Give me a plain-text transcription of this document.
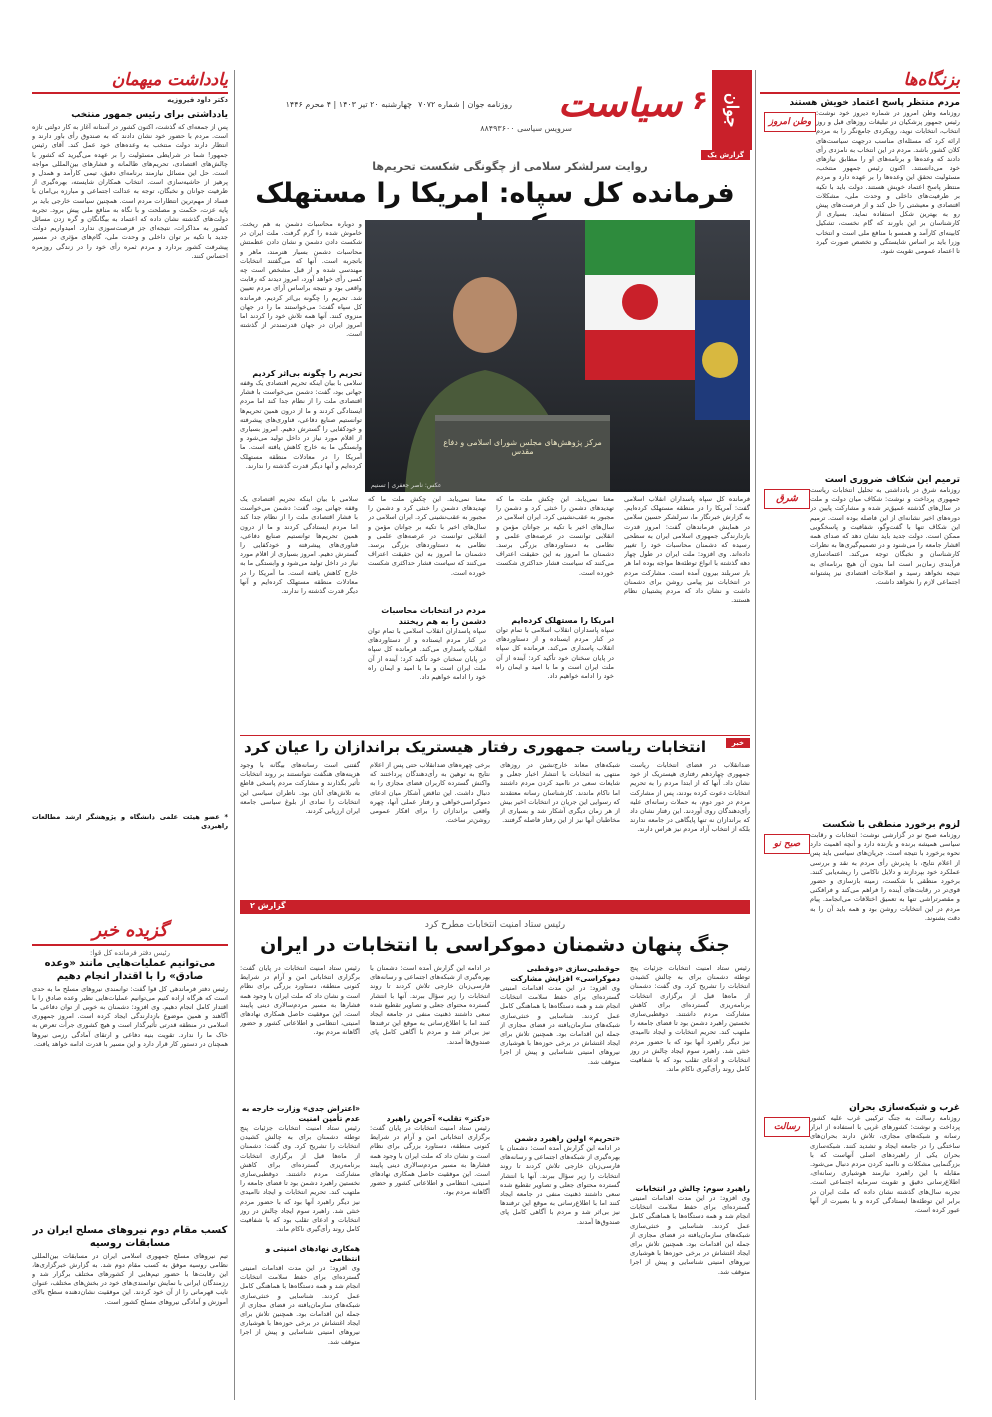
جوان
۶
سیاست
روزنامه جوان | شماره ۷۰۷۲
چهارشنبه ۲۰ تیر ۱۴۰۳ | ۴ محرم ۱۴۴۶
سرویس سیاسی ۸۸۴۹۳۶۰۰
بزنگاه‌ها
مردم منتظر پاسخ اعتماد خویش هستند
وطن امروز
روزنامه وطن امروز در شماره دیروز خود نوشت: رئیس جمهور پزشکیان در تبلیغات روزهای قبل و روز انتخاب، انتخابات نوید، رویکردی جامع‌نگر را به مردم ارائه کرد که مسئله‌ای مناسب درجهت سیاست‌های کلان کشور باشد. مردم در این انتخاب به نامزدی رأی دادند که وعده‌ها و برنامه‌های او را مطابق نیازهای خود می‌دانستند. اکنون رئیس جمهور منتخب، مسئولیت تحقق این وعده‌ها را بر عهده دارد و مردم منتظر پاسخ اعتماد خویش هستند. دولت باید با تکیه بر ظرفیت‌های داخلی و وحدت ملی، مشکلات اقتصادی و معیشتی را حل کند و از فرصت‌های پیش رو به بهترین شکل استفاده نماید. بسیاری از کارشناسان بر این باورند که گام نخست، تشکیل کابینه‌ای کارآمد و همسو با منافع ملی است و انتخاب وزرا باید بر اساس شایستگی و تخصص صورت گیرد تا اعتماد عمومی تقویت شود.
ترمیم این شکاف ضروری است
شرق
روزنامه شرق در یادداشتی به تحلیل انتخابات ریاست جمهوری پرداخت و نوشت: شکاف میان دولت و ملت در سال‌های گذشته عمیق‌تر شده و مشارکت پایین در دوره‌های اخیر نشانه‌ای از این فاصله بوده است. ترمیم این شکاف تنها با گفت‌وگو، شفافیت و پاسخگویی ممکن است. دولت جدید باید نشان دهد که صدای همه اقشار جامعه را می‌شنود و در تصمیم‌گیری‌ها به نظرات کارشناسان و نخبگان توجه می‌کند. اعتمادسازی فرآیندی زمان‌بر است اما بدون آن هیچ برنامه‌ای به نتیجه نخواهد رسید و اصلاحات اقتصادی نیز پشتوانه اجتماعی لازم را نخواهد داشت.
لزوم برخورد منطقی با شکست
صبح نو
روزنامه صبح نو در گزارشی نوشت: انتخابات و رقابت سیاسی همیشه برنده و بازنده دارد و آنچه اهمیت دارد نحوه برخورد با نتیجه است. جریان‌های سیاسی باید پس از اعلام نتایج، با پذیرش رأی مردم به نقد و بررسی عملکرد خود بپردازند و دلایل ناکامی را ریشه‌یابی کنند. برخورد منطقی با شکست، زمینه بازسازی و حضور قوی‌تر در رقابت‌های آینده را فراهم می‌کند و فرافکنی و مقصرتراشی تنها به تعمیق اختلافات می‌انجامد. پیام مردم در این انتخابات روشن بود و همه باید آن را به دقت بشنوند.
غرب و شبکه‌سازی بحران
رسالت
روزنامه رسالت به جنگ ترکیبی غرب علیه کشور پرداخت و نوشت: کشورهای غربی با استفاده از ابزار رسانه و شبکه‌های مجازی، تلاش دارند بحران‌های ساختگی را در جامعه ایجاد و تشدید کنند. شبکه‌سازی بحران یکی از راهبردهای اصلی آنهاست که با بزرگنمایی مشکلات و ناامید کردن مردم دنبال می‌شود. مقابله با این راهبرد نیازمند هوشیاری رسانه‌ای، اطلاع‌رسانی دقیق و تقویت سرمایه اجتماعی است. تجربه سال‌های گذشته نشان داده که ملت ایران در برابر این توطئه‌ها ایستادگی کرده و با بصیرت از آنها عبور کرده است.
یادداشت میهمان
دکتر داود فیروزیه
یادداشتی برای رئیس جمهور منتخب
پس از جمعه‌ای که گذشت، اکنون کشور در آستانه آغاز به کار دولتی تازه است. مردم با حضور خود نشان دادند که به صندوق رأی باور دارند و انتظار دارند دولت منتخب به وعده‌های خود عمل کند. آقای رئیس جمهور! شما در شرایطی مسئولیت را بر عهده می‌گیرید که کشور با چالش‌های اقتصادی، تحریم‌های ظالمانه و فشارهای بین‌المللی مواجه است. حل این مسائل نیازمند برنامه‌ای دقیق، تیمی کارآمد و همدل و پرهیز از حاشیه‌سازی است. انتخاب همکاران شایسته، بهره‌گیری از ظرفیت جوانان و نخبگان، توجه به عدالت اجتماعی و مبارزه بی‌امان با فساد از مهم‌ترین انتظارات مردم است. همچنین سیاست خارجی باید بر پایه عزت، حکمت و مصلحت و با نگاه به منافع ملی پیش برود. تجربه دولت‌های گذشته نشان داده که اعتماد به بیگانگان و گره زدن مسائل کشور به مذاکرات، نتیجه‌ای جز فرصت‌سوزی ندارد. امیدواریم دولت جدید با تکیه بر توان داخلی و وحدت ملی، گام‌های مؤثری در مسیر پیشرفت کشور بردارد و مردم ثمره رأی خود را در زندگی روزمره احساس کنند.
* عضو هیئت علمی دانشگاه و پژوهشگر ارشد مطالعات راهبردی
گزیده خبر
رئیس دفتر فرمانده کل قوا:
می‌توانیم عملیات‌هایی مانند «وعده صادق» را با اقتدار انجام دهیم
رئیس دفتر فرماندهی کل قوا گفت: توانمندی نیروهای مسلح ما به حدی است که هرگاه اراده کنیم می‌توانیم عملیات‌هایی نظیر وعده صادق را با اقتدار کامل انجام دهیم. وی افزود: دشمنان به خوبی از توان دفاعی ما آگاهند و همین موضوع بازدارندگی ایجاد کرده است. امروز جمهوری اسلامی در منطقه قدرتی تأثیرگذار است و هیچ کشوری جرأت تعرض به خاک ما را ندارد. تقویت بنیه دفاعی و ارتقای آمادگی رزمی نیروها همچنان در دستور کار قرار دارد و این مسیر با قدرت ادامه خواهد یافت.
کسب مقام دوم نیروهای مسلح ایران در مسابقات روسیه
تیم نیروهای مسلح جمهوری اسلامی ایران در مسابقات بین‌المللی نظامی روسیه موفق به کسب مقام دوم شد. به گزارش خبرگزاری‌ها، این رقابت‌ها با حضور تیم‌هایی از کشورهای مختلف برگزار شد و رزمندگان ایرانی با نمایش توانمندی‌های خود در بخش‌های مختلف، عنوان نایب قهرمانی را از آن خود کردند. این موفقیت نشان‌دهنده سطح بالای آموزش و آمادگی نیروهای مسلح کشور است.
گزارش یک
روایت سرلشکر سلامی از چگونگی شکست تحریم‌ها
فرمانده کل سپاه: امریکا را مستهلک
مرکز پژوهش‌های مجلس شورای اسلامی و دفاع مقدس
عکس: ناصر جعفری | تسنیم
و دوباره محاسبات دشمن به هم ریخت. خاموش شده را گرم گرفت. ملت ایران در شکست دادن دشمن و نشان دادن عظمتش محاسبات دشمن بسیار هنرمند، ماهر و باتجربه است. آنها که می‌گفتند انتخابات مهندسی شده و از قبل مشخص است چه کسی رأی خواهد آورد، امروز دیدند که رقابت واقعی بود و نتیجه براساس آرای مردم تعیین شد. تحریم را چگونه بی‌اثر کردیم. فرمانده کل سپاه گفت: می‌خواستند ما را در جهان منزوی کنند. آنها همه تلاش خود را کردند اما امروز ایران در جهان قدرتمندتر از گذشته است.
تحریم را چگونه بی‌اثر کردیم
سلامی با بیان اینکه تحریم اقتصادی یک وقفه جهانی بود، گفت: دشمن می‌خواست با فشار اقتصادی ملت را از نظام جدا کند اما مردم ایستادگی کردند و ما از درون همین تحریم‌ها توانستیم صنایع دفاعی، فناوری‌های پیشرفته و خودکفایی را گسترش دهیم. امروز بسیاری از اقلام مورد نیاز در داخل تولید می‌شود و وابستگی ما به خارج کاهش یافته است. ما آمریکا را در معادلات منطقه مستهلک کرده‌ایم و آنها دیگر قدرت گذشته را ندارند.
سلامی با بیان اینکه تحریم اقتصادی یک وقفه جهانی بود، گفت: دشمن می‌خواست با فشار اقتصادی ملت را از نظام جدا کند اما مردم ایستادگی کردند و ما از درون همین تحریم‌ها توانستیم صنایع دفاعی، فناوری‌های پیشرفته و خودکفایی را گسترش دهیم. امروز بسیاری از اقلام مورد نیاز در داخل تولید می‌شود و وابستگی ما به خارج کاهش یافته است. ما آمریکا را در معادلات منطقه مستهلک کرده‌ایم و آنها دیگر قدرت گذشته را ندارند.
معنا نمی‌یابد. این چکش ملت ما که تهدیدهای دشمن را خنثی کرد و دشمن را مجبور به عقب‌نشینی کرد. ایران اسلامی در سال‌های اخیر با تکیه بر جوانان مؤمن و انقلابی توانست در عرصه‌های علمی و نظامی به دستاوردهای بزرگی برسد. دشمنان ما امروز به این حقیقت اعتراف می‌کنند که سیاست فشار حداکثری شکست خورده است.
مردم در انتخابات محاسبات دشمن را به هم ریختند
سپاه پاسداران انقلاب اسلامی با تمام توان در کنار مردم ایستاده و از دستاوردهای انقلاب پاسداری می‌کند. فرمانده کل سپاه در پایان سخنان خود تأکید کرد: آینده از آن ملت ایران است و ما با امید و ایمان راه خود را ادامه خواهیم داد.
معنا نمی‌یابد. این چکش ملت ما که تهدیدهای دشمن را خنثی کرد و دشمن را مجبور به عقب‌نشینی کرد. ایران اسلامی در سال‌های اخیر با تکیه بر جوانان مؤمن و انقلابی توانست در عرصه‌های علمی و نظامی به دستاوردهای بزرگی برسد. دشمنان ما امروز به این حقیقت اعتراف می‌کنند که سیاست فشار حداکثری شکست خورده است.
امریکا را مستهلک کرده‌ایم
سپاه پاسداران انقلاب اسلامی با تمام توان در کنار مردم ایستاده و از دستاوردهای انقلاب پاسداری می‌کند. فرمانده کل سپاه در پایان سخنان خود تأکید کرد: آینده از آن ملت ایران است و ما با امید و ایمان راه خود را ادامه خواهیم داد.
فرمانده کل سپاه پاسداران انقلاب اسلامی گفت: آمریکا را در منطقه مستهلک کرده‌ایم. به گزارش خبرنگار ما، سرلشکر حسین سلامی در همایش فرماندهان گفت: امروز قدرت بازدارندگی جمهوری اسلامی ایران به سطحی رسیده که دشمنان محاسبات خود را تغییر داده‌اند. وی افزود: ملت ایران در طول چهار دهه گذشته با انواع توطئه‌ها مواجه بوده اما هر بار سربلند بیرون آمده است. مشارکت مردم در انتخابات نیز پیامی روشن برای دشمنان داشت و نشان داد که مردم پشتیبان نظام هستند.
خبر
انتخابات ریاست جمهوری رفتار هیستریک براندازان را عیان کرد
ضدانقلاب در فضای انتخابات ریاست جمهوری چهاردهم رفتاری هیستریک از خود نشان داد. آنها که از ابتدا مردم را به تحریم انتخابات دعوت کرده بودند، پس از مشارکت مردم در دور دوم، به حملات رسانه‌ای علیه رأی‌دهندگان روی آوردند. این رفتار نشان داد که براندازان نه تنها پایگاهی در جامعه ندارند بلکه از انتخاب آزاد مردم نیز هراس دارند.
شبکه‌های معاند خارج‌نشین در روزهای منتهی به انتخابات با انتشار اخبار جعلی و شایعات سعی در ناامید کردن مردم داشتند اما ناکام ماندند. کارشناسان رسانه معتقدند که رسوایی این جریان در انتخابات اخیر بیش از هر زمان دیگری آشکار شد و بسیاری از مخاطبان آنها نیز از این رفتار فاصله گرفتند.
برخی چهره‌های ضدانقلاب حتی پس از اعلام نتایج به توهین به رأی‌دهندگان پرداختند که واکنش گسترده کاربران فضای مجازی را به دنبال داشت. این تناقض آشکار میان ادعای دموکراسی‌خواهی و رفتار عملی آنها، چهره واقعی براندازان را برای افکار عمومی روشن‌تر ساخت.
گفتنی است رسانه‌های بیگانه با وجود هزینه‌های هنگفت نتوانستند بر روند انتخابات تأثیر بگذارند و مشارکت مردم پاسخی قاطع به تلاش‌های آنان بود. ناظران سیاسی این انتخابات را نمادی از بلوغ سیاسی جامعه ایران ارزیابی کردند.
گزارش ۲
رئیس ستاد امنیت انتخابات مطرح کرد
جنگ پنهان دشمنان دموکراسی با انتخابات در ایران
رئیس ستاد امنیت انتخابات جزئیات پنج توطئه دشمنان برای به چالش کشیدن انتخابات را تشریح کرد. وی گفت: دشمنان از ماه‌ها قبل از برگزاری انتخابات برنامه‌ریزی گسترده‌ای برای کاهش مشارکت مردم داشتند. دوقطبی‌سازی نخستین راهبرد دشمن بود تا فضای جامعه را ملتهب کند. تحریم انتخابات و ایجاد ناامیدی نیز دیگر راهبرد آنها بود که با حضور مردم خنثی شد. راهبرد سوم ایجاد چالش در روز انتخابات و ادعای تقلب بود که با شفافیت کامل روند رأی‌گیری ناکام ماند.
راهبرد سوم: چالش در انتخابات
وی افزود: در این مدت اقدامات امنیتی گسترده‌ای برای حفظ سلامت انتخابات انجام شد و همه دستگاه‌ها با هماهنگی کامل عمل کردند. شناسایی و خنثی‌سازی شبکه‌های سازمان‌یافته در فضای مجازی از جمله این اقدامات بود. همچنین تلاش برای ایجاد اغتشاش در برخی حوزه‌ها با هوشیاری نیروهای امنیتی شناسایی و پیش از اجرا متوقف شد.
حوقطبی‌سازی «دوقطبی دموکراسی» افزایش مشارکت
وی افزود: در این مدت اقدامات امنیتی گسترده‌ای برای حفظ سلامت انتخابات انجام شد و همه دستگاه‌ها با هماهنگی کامل عمل کردند. شناسایی و خنثی‌سازی شبکه‌های سازمان‌یافته در فضای مجازی از جمله این اقدامات بود. همچنین تلاش برای ایجاد اغتشاش در برخی حوزه‌ها با هوشیاری نیروهای امنیتی شناسایی و پیش از اجرا متوقف شد.
«تحریم» اولین راهبرد دشمن
در ادامه این گزارش آمده است: دشمنان با بهره‌گیری از شبکه‌های اجتماعی و رسانه‌های فارسی‌زبان خارجی تلاش کردند تا روند انتخابات را زیر سؤال ببرند. آنها با انتشار گسترده محتوای جعلی و تصاویر تقطیع شده سعی داشتند ذهنیت منفی در جامعه ایجاد کنند اما با اطلاع‌رسانی به موقع این ترفندها نیز بی‌اثر شد و مردم با آگاهی کامل پای صندوق‌ها آمدند.
در ادامه این گزارش آمده است: دشمنان با بهره‌گیری از شبکه‌های اجتماعی و رسانه‌های فارسی‌زبان خارجی تلاش کردند تا روند انتخابات را زیر سؤال ببرند. آنها با انتشار گسترده محتوای جعلی و تصاویر تقطیع شده سعی داشتند ذهنیت منفی در جامعه ایجاد کنند اما با اطلاع‌رسانی به موقع این ترفندها نیز بی‌اثر شد و مردم با آگاهی کامل پای صندوق‌ها آمدند.
«دکتر» تقلب» آخرین راهبرد
رئیس ستاد امنیت انتخابات در پایان گفت: برگزاری انتخاباتی امن و آرام در شرایط کنونی منطقه، دستاورد بزرگی برای نظام است و نشان داد که ملت ایران با وجود همه فشارها به مسیر مردم‌سالاری دینی پایبند است. این موفقیت حاصل همکاری نهادهای امنیتی، انتظامی و اطلاعاتی کشور و حضور آگاهانه مردم بود.
رئیس ستاد امنیت انتخابات در پایان گفت: برگزاری انتخاباتی امن و آرام در شرایط کنونی منطقه، دستاورد بزرگی برای نظام است و نشان داد که ملت ایران با وجود همه فشارها به مسیر مردم‌سالاری دینی پایبند است. این موفقیت حاصل همکاری نهادهای امنیتی، انتظامی و اطلاعاتی کشور و حضور آگاهانه مردم بود.
«اعتراض جدی» وزارت خارجه به عدم تأمین امنیت
رئیس ستاد امنیت انتخابات جزئیات پنج توطئه دشمنان برای به چالش کشیدن انتخابات را تشریح کرد. وی گفت: دشمنان از ماه‌ها قبل از برگزاری انتخابات برنامه‌ریزی گسترده‌ای برای کاهش مشارکت مردم داشتند. دوقطبی‌سازی نخستین راهبرد دشمن بود تا فضای جامعه را ملتهب کند. تحریم انتخابات و ایجاد ناامیدی نیز دیگر راهبرد آنها بود که با حضور مردم خنثی شد. راهبرد سوم ایجاد چالش در روز انتخابات و ادعای تقلب بود که با شفافیت کامل روند رأی‌گیری ناکام ماند.
همکاری نهادهای امنیتی و انتظامی
وی افزود: در این مدت اقدامات امنیتی گسترده‌ای برای حفظ سلامت انتخابات انجام شد و همه دستگاه‌ها با هماهنگی کامل عمل کردند. شناسایی و خنثی‌سازی شبکه‌های سازمان‌یافته در فضای مجازی از جمله این اقدامات بود. همچنین تلاش برای ایجاد اغتشاش در برخی حوزه‌ها با هوشیاری نیروهای امنیتی شناسایی و پیش از اجرا متوقف شد.
